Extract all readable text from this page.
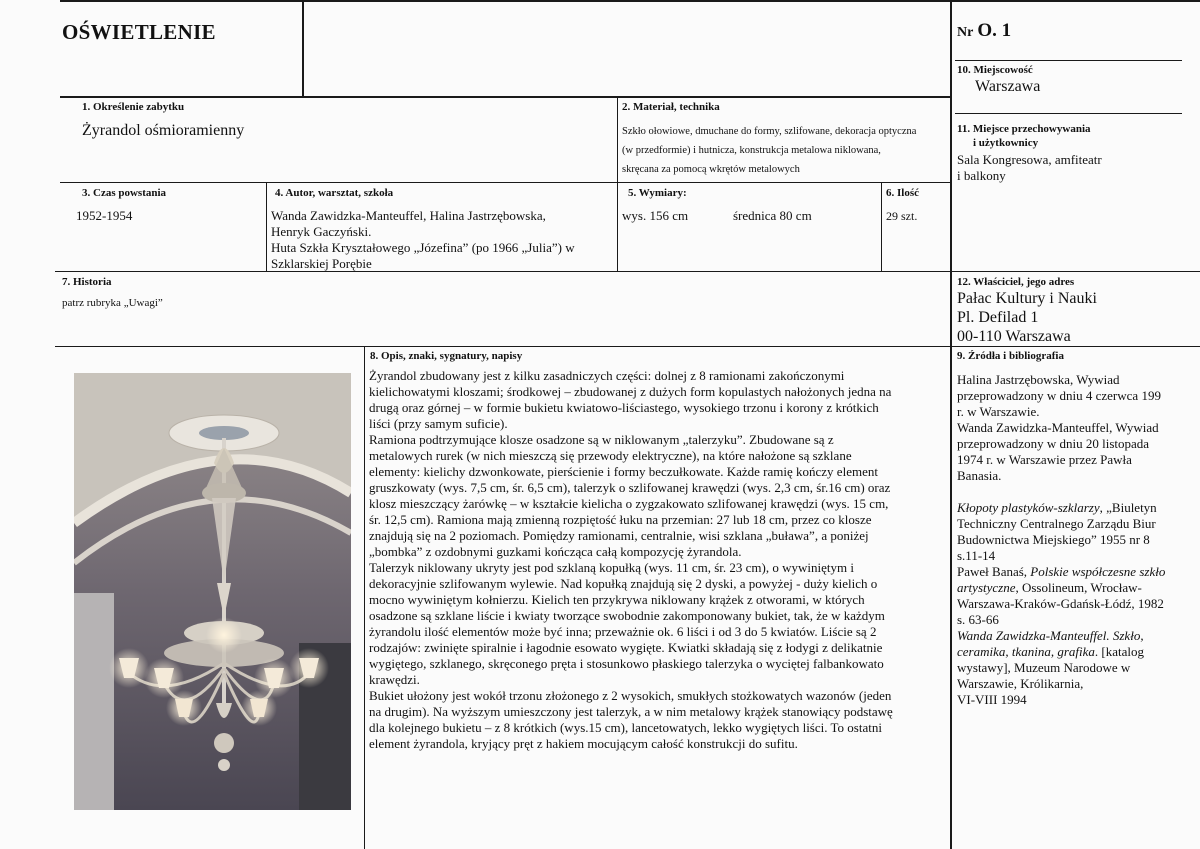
OŚWIETLENIE	Nr O. 1
10. Miejscowość
Warszawa
1. Określenie zabytku
Żyrandol ośmioramienny
2. Materiał, technika
Szkło ołowiowe, dmuchane do formy, szlifowane, dekoracja optyczna
(w przedformie) i hutnicza, konstrukcja metalowa niklowana,
skręcana za pomocą wkrętów metalowych
11. Miejsce przechowywania
i użytkownicy
Sala Kongresowa, amfiteatr
i balkony
3. Czas powstania
1952-1954
4. Autor, warsztat, szkoła
Wanda Zawidzka-Manteuffel, Halina Jastrzębowska,
Henryk Gaczyński.
Huta Szkła Kryształowego „Józefina” (po 1966 „Julia”) w
Szklarskiej Porębie
5. Wymiary:
wys. 156 cm	średnica 80 cm
6. Ilość
29 szt.
7. Historia
patrz rubryka „Uwagi”
12. Właściciel, jego adres
Pałac Kultury i Nauki
Pl. Defilad 1
00-110 Warszawa
8. Opis, znaki, sygnatury, napisy
Żyrandol zbudowany jest z kilku zasadniczych części: dolnej z 8 ramionami zakończonymi
kielichowatymi kloszami; środkowej – zbudowanej z dużych form kopulastych nałożonych jedna na
drugą oraz górnej – w formie bukietu kwiatowo-liściastego, wysokiego trzonu i korony z krótkich
liści (przy samym suficie).
Ramiona podtrzymujące klosze osadzone są w niklowanym „talerzyku”. Zbudowane są z
metalowych rurek (w nich mieszczą się przewody elektryczne), na które nałożone są szklane
elementy: kielichy dzwonkowate, pierścienie i formy beczułkowate. Każde ramię kończy element
gruszkowaty (wys. 7,5 cm, śr. 6,5 cm), talerzyk o szlifowanej krawędzi (wys. 2,3 cm, śr.16 cm) oraz
klosz mieszczący żarówkę – w kształcie kielicha o zygzakowato szlifowanej krawędzi (wys. 15 cm,
śr. 12,5 cm). Ramiona mają zmienną rozpiętość łuku na przemian: 27 lub 18 cm, przez co klosze
znajdują się na 2 poziomach. Pomiędzy ramionami, centralnie, wisi szklana „buława”, a poniżej
„bombka” z ozdobnymi guzkami kończąca całą kompozycję żyrandola.
Talerzyk niklowany ukryty jest pod szklaną kopułką (wys. 11 cm, śr. 23 cm), o wywiniętym i
dekoracyjnie szlifowanym wylewie. Nad kopułką znajdują się 2 dyski, a powyżej - duży kielich o
mocno wywiniętym kołnierzu. Kielich ten przykrywa niklowany krążek z otworami, w których
osadzone są szklane liście i kwiaty tworzące swobodnie zakomponowany bukiet, tak, że w każdym
żyrandolu ilość elementów może być inna; przeważnie ok. 6 liści i od 3 do 5 kwiatów. Liście są 2
rodzajów: zwinięte spiralnie i łagodnie esowato wygięte. Kwiatki składają się z łodygi z delikatnie
wygiętego, szklanego, skręconego pręta i stosunkowo płaskiego talerzyka o wyciętej falbankowato
krawędzi.
Bukiet ułożony jest wokół trzonu złożonego z 2 wysokich, smukłych stożkowatych wazonów (jeden
na drugim). Na wyższym umieszczony jest talerzyk, a w nim metalowy krążek stanowiący podstawę
dla kolejnego bukietu – z 8 krótkich (wys.15 cm), lancetowatych, lekko wygiętych liści. To ostatni
element żyrandola, kryjący pręt z hakiem mocującym całość konstrukcji do sufitu.
9. Źródła i bibliografia
Halina Jastrzębowska, Wywiad
przeprowadzony w dniu 4 czerwca 199
r. w Warszawie.
Wanda Zawidzka-Manteuffel, Wywiad
przeprowadzony w dniu 20 listopada
1974 r. w Warszawie przez Pawła
Banasia.
Kłopoty plastyków-szklarzy, „Biuletyn
Techniczny Centralnego Zarządu Biur
Budownictwa Miejskiego” 1955 nr 8
s.11-14
Paweł Banaś, Polskie współczesne szkło
artystyczne, Ossolineum, Wrocław-
Warszawa-Kraków-Gdańsk-Łódź, 1982
s. 63-66
Wanda Zawidzka-Manteuffel. Szkło,
ceramika, tkanina, grafika. [katalog
wystawy], Muzeum Narodowe w
Warszawie, Królikarnia,
VI-VIII 1994
